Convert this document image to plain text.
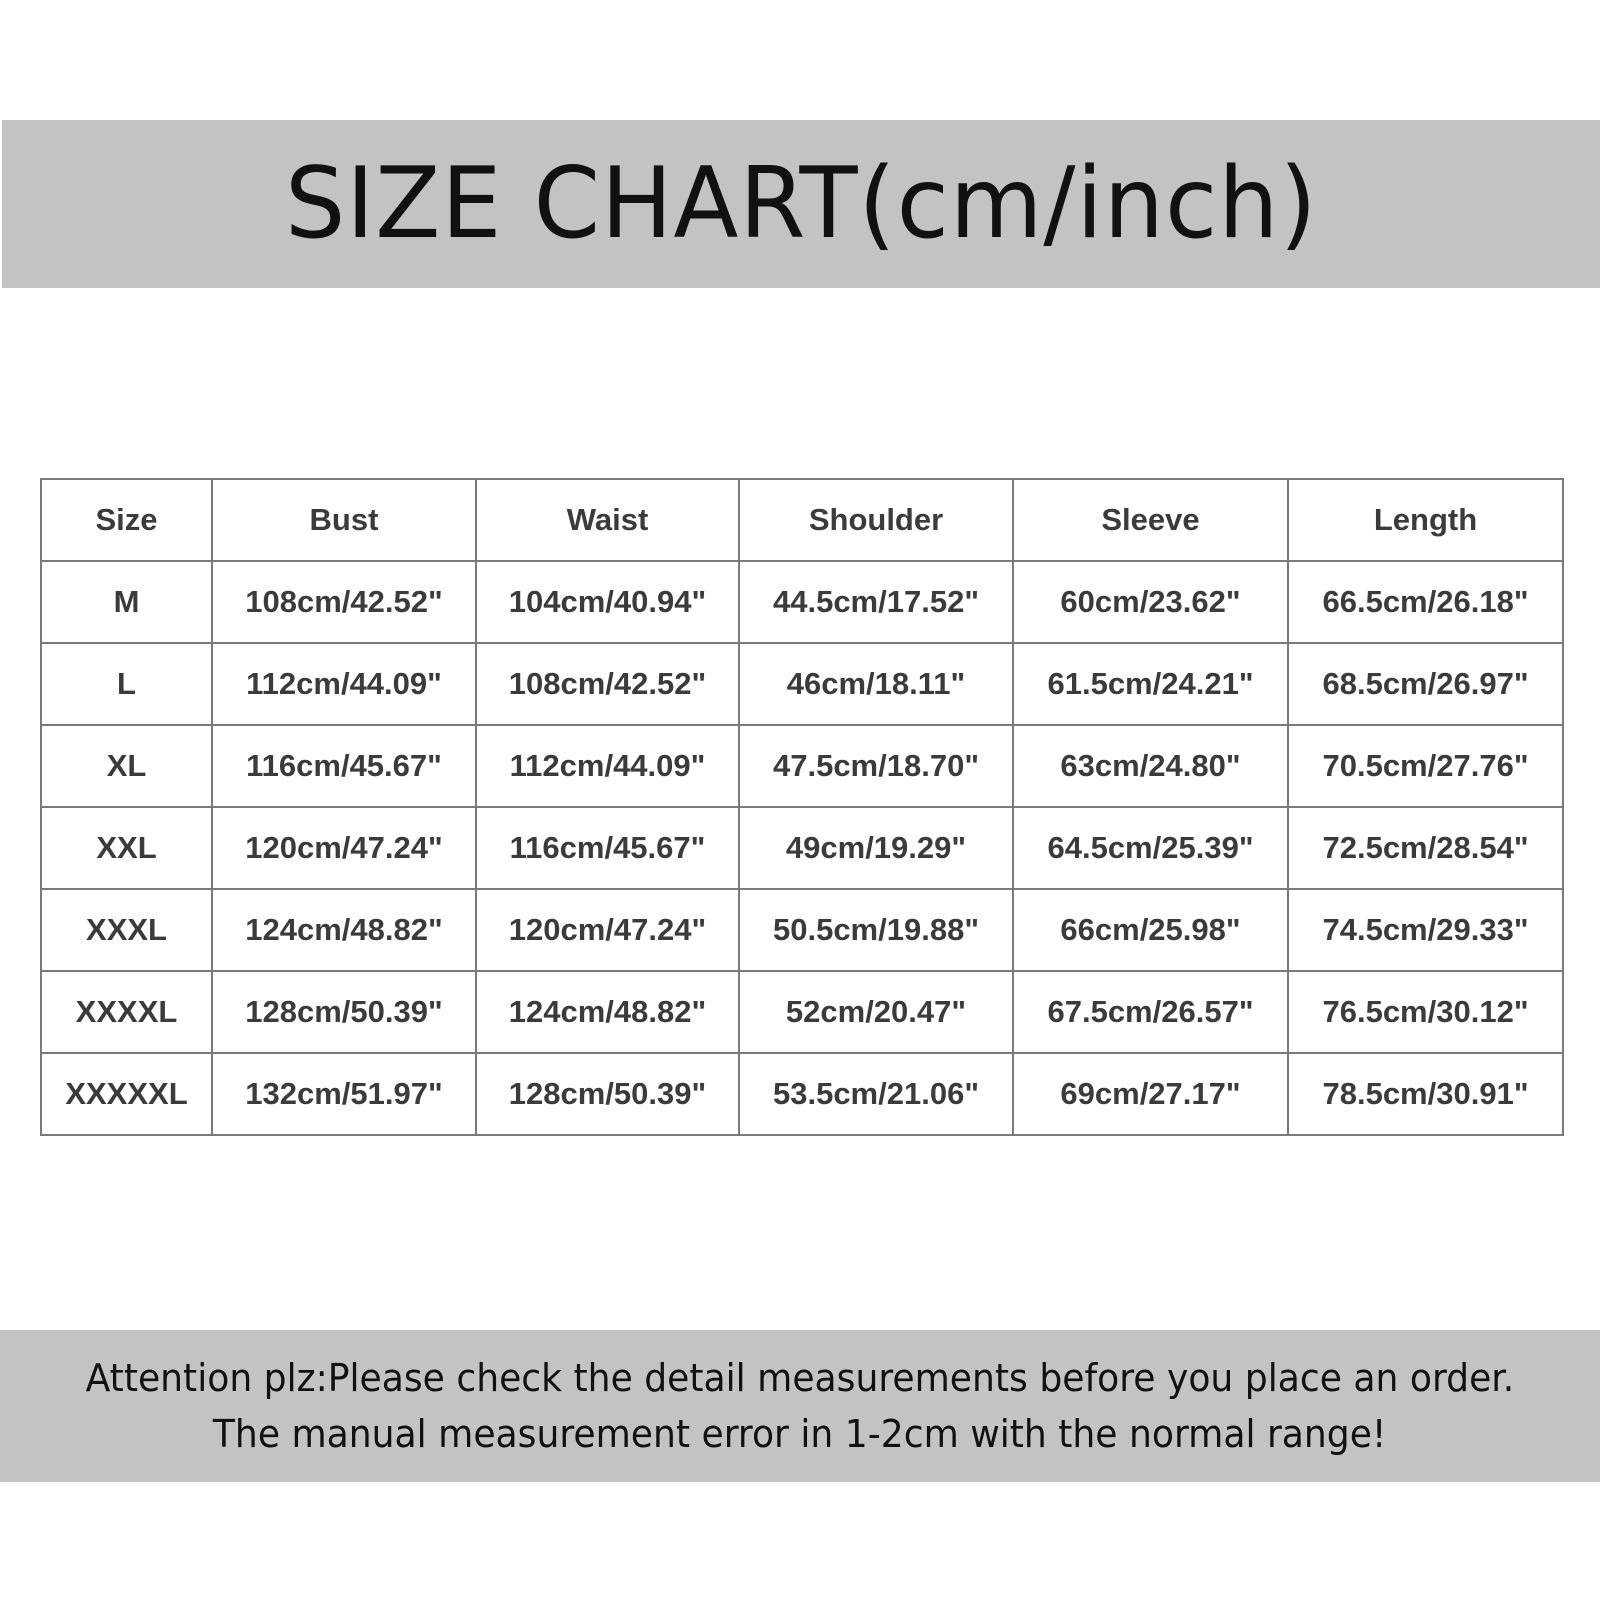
SIZE CHART(cm/inch)
Size	Bust	Waist	Shoulder	Sleeve	Length
M	108cm/42.52"	104cm/40.94"	44.5cm/17.52"	60cm/23.62"	66.5cm/26.18"
L	112cm/44.09"	108cm/42.52"	46cm/18.11"	61.5cm/24.21"	68.5cm/26.97"
XL	116cm/45.67"	112cm/44.09"	47.5cm/18.70"	63cm/24.80"	70.5cm/27.76"
XXL	120cm/47.24"	116cm/45.67"	49cm/19.29"	64.5cm/25.39"	72.5cm/28.54"
XXXL	124cm/48.82"	120cm/47.24"	50.5cm/19.88"	66cm/25.98"	74.5cm/29.33"
XXXXL	128cm/50.39"	124cm/48.82"	52cm/20.47"	67.5cm/26.57"	76.5cm/30.12"
XXXXXL	132cm/51.97"	128cm/50.39"	53.5cm/21.06"	69cm/27.17"	78.5cm/30.91"
Attention plz:Please check the detail measurements before you place an order.
The manual measurement error in 1-2cm with the normal range!
